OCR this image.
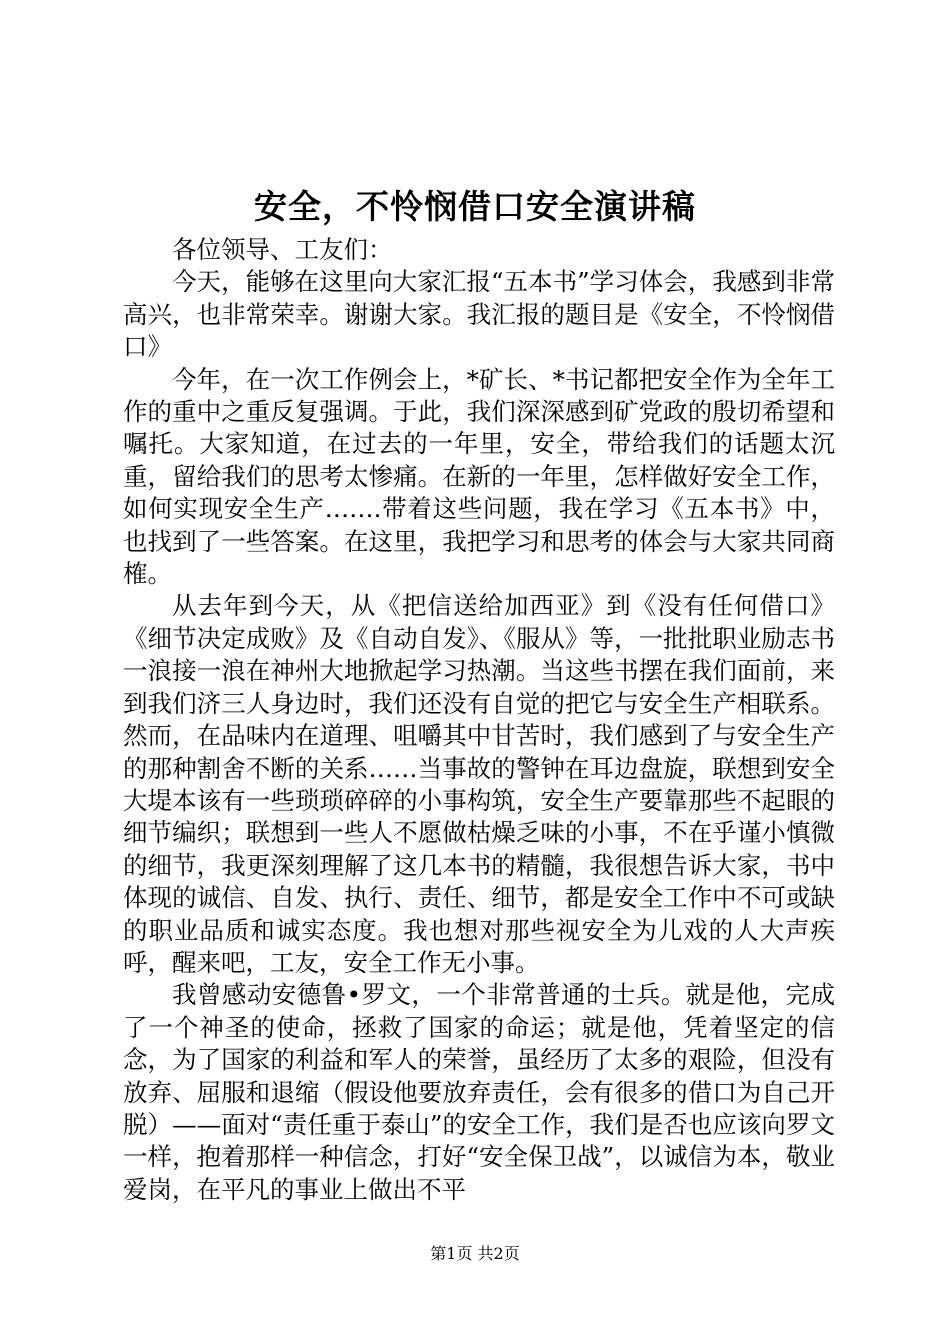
安全，不怜悯借口安全演讲稿

各位领导、工友们：

今天，能够在这里向大家汇报“五本书”学习体会，我感到非常高兴，也非常荣幸。谢谢大家。我汇报的题目是《安全，不怜悯借口》

今年，在一次工作例会上，*矿长、*书记都把安全作为全年工作的重中之重反复强调。于此，我们深深感到矿党政的殷切希望和嘱托。大家知道，在过去的一年里，安全，带给我们的话题太沉重，留给我们的思考太惨痛。在新的一年里，怎样做好安全工作，如何实现安全生产…….带着这些问题，我在学习《五本书》中，也找到了一些答案。在这里，我把学习和思考的体会与大家共同商榷。

从去年到今天，从《把信送给加西亚》到《没有任何借口》《细节决定成败》及《自动自发》、《服从》等，一批批职业励志书一浪接一浪在神州大地掀起学习热潮。当这些书摆在我们面前，来到我们济三人身边时，我们还没有自觉的把它与安全生产相联系。然而，在品味内在道理、咀嚼其中甘苦时，我们感到了与安全生产的那种割舍不断的关系……当事故的警钟在耳边盘旋，联想到安全大堤本该有一些琐琐碎碎的小事构筑，安全生产要靠那些不起眼的细节编织；联想到一些人不愿做枯燥乏味的小事，不在乎谨小慎微的细节，我更深刻理解了这几本书的精髓，我很想告诉大家，书中体现的诚信、自发、执行、责任、细节，都是安全工作中不可或缺的职业品质和诚实态度。我也想对那些视安全为儿戏的人大声疾呼，醒来吧，工友，安全工作无小事。

我曾感动安德鲁•罗文，一个非常普通的士兵。就是他，完成了一个神圣的使命，拯救了国家的命运；就是他，凭着坚定的信念，为了国家的利益和军人的荣誉，虽经历了太多的艰险，但没有放弃、屈服和退缩（假设他要放弃责任，会有很多的借口为自己开脱）——面对“责任重于泰山”的安全工作，我们是否也应该向罗文一样，抱着那样一种信念，打好“安全保卫战”，以诚信为本，敬业爱岗，在平凡的事业上做出不平

第1页 共2页
